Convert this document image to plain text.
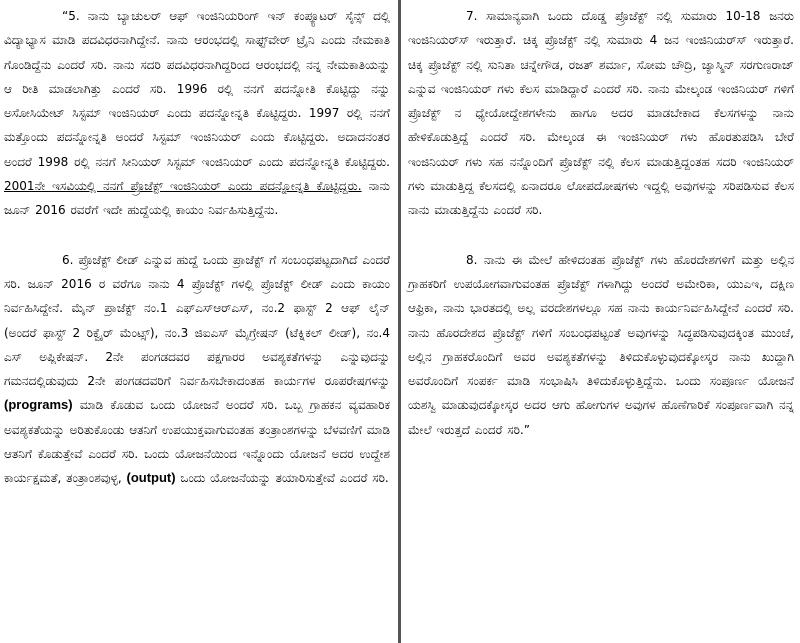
“5. ನಾನು ಬ್ಯಾಚುಲರ್ ಆಫ್ ಇಂಜಿನಿಯರಿಂಗ್ ಇನ್ ಕಂಪ್ಯೂಟರ್ ಸೈನ್ಸ್ ದಲ್ಲಿ ವಿದ್ಯಾಭ್ಯಾಸ ಮಾಡಿ ಪದವಿಧರನಾಗಿದ್ದೇನೆ. ನಾನು ಆರಂಭದಲ್ಲಿ ಸಾಫ್ಟ್‌ವೇರ್ ಟ್ರೈನಿ ಎಂದು ನೇಮಕಾತಿ ಗೊಂಡಿದ್ದೆನು ಎಂದರೆ ಸರಿ. ನಾನು ಸದರಿ ಪದವಿಧರನಾಗಿದ್ದರಿಂದ ಆರಂಭದಲ್ಲಿ ನನ್ನ ನೇಮಕಾತಿಯನ್ನು ಆ ರೀತಿ ಮಾಡಲಾಗಿತ್ತು ಎಂದರೆ ಸರಿ. 1996 ರಲ್ಲಿ ನನಗೆ ಪದನ್ನೋತಿ ಕೊಟ್ಟಿದ್ದು ನನ್ನು ಅಸೋಸಿಯೇಟ್ ಸಿಸ್ಟಮ್ ಇಂಜಿನಿಯರ್ ಎಂದು ಪದನ್ನೋನ್ನತಿ ಕೊಟ್ಟಿದ್ದರು. 1997 ರಲ್ಲಿ ನನಗೆ ಮತ್ತೊಂದು ಪದನ್ನೋನ್ನತಿ ಅಂದರೆ ಸಿಸ್ಟಮ್ ಇಂಜಿನಿಯರ್ ಎಂದು ಕೊಟ್ಟಿದ್ದರು. ಅದಾದನಂತರ ಅಂದರೆ 1998 ರಲ್ಲಿ ನನಗೆ ಸೀನಿಯರ್ ಸಿಸ್ಟಮ್ ಇಂಜಿನಿಯರ್ ಎಂದು ಪದನ್ನೋನ್ನತಿ ಕೊಟ್ಟಿದ್ದರು. 2001ನೇ ಇಸವಿಯಲ್ಲಿ ನನಗೆ ಪ್ರೊಜೆಕ್ಟ್ ಇಂಜಿನಿಯರ್ ಎಂದು ಪದನ್ನೋನ್ನತಿ ಕೊಟ್ಟಿದ್ದರು. ನಾನು ಜೂನ್ 2016 ರವರೆಗೆ ಇದೇ ಹುದ್ದೆಯಲ್ಲಿ ಕಾಯಂ ನಿರ್ವಹಿಸುತ್ತಿದ್ದೆನು.

6. ಪ್ರೊಜೆಕ್ಟ್ ಲೀಡ್ ಎನ್ನುವ ಹುದ್ದೆ ಒಂದು ಪ್ರಾಜೆಕ್ಟ್ ಗೆ ಸಂಬಂಧಪಟ್ಟದಾಗಿದೆ ಎಂದರೆ ಸರಿ. ಜೂನ್ 2016 ರ ವರೆಗೂ ನಾನು 4 ಪ್ರೊಜೆಕ್ಟ್ ಗಳಲ್ಲಿ ಪ್ರೊಜೆಕ್ಟ್ ಲೀಡ್ ಎಂದು ಕಾಯಂ ನಿರ್ವಹಿಸಿದ್ದೇನೆ. ಮೈನ್ ಪ್ರಾಜೆಕ್ಟ್ ನಂ.1 ಎಫ್‌ಎಸ್ಆರ್‌ಎಸ್, ನಂ.2 ಫಾಸ್ಟ್ 2 ಆಫ್ ಲೈನ್ (ಅಂದರೆ ಫಾಸ್ಟ್ 2 ರಿಕ್ವೈರ್ ಮೆಂಟ್ಸ್), ನಂ.3 ಜಿಐಎಸ್ ಮೈಗ್ರೇಷನ್ (ಟೆಕ್ನಿಕಲ್ ಲೀಡ್), ನಂ.4 ಎಸ್ ಅಪ್ಲಿಕೇಷನ್. 2ನೇ ಪಂಗಡದವರ ಪಕ್ಷಗಾರರ ಅವಶ್ಯಕತೆಗಳನ್ನು ಎನ್ನುವುದನ್ನು ಗಮನದಲ್ಲಿಡುವುದು 2ನೇ ಪಂಗಡದವರಿಗೆ ನಿರ್ವಹಿಸಬೇಕಾದಂತಹ ಕಾರ್ಯಗಳ ರೂಪರೇಷಗಳನ್ನು (programs) ಮಾಡಿ ಕೊಡುವ ಒಂದು ಯೋಜನೆ ಅಂದರೆ ಸರಿ. ಒಬ್ಬ ಗ್ರಾಹಕನ ವ್ಯವಹಾರಿಕ ಅವಶ್ಯಕತೆಯನ್ನು ಅರಿತುಕೊಂಡು ಆತನಿಗೆ ಉಪಯುಕ್ತವಾಗುವಂತಹ ತಂತ್ರಾಂಶಗಳನ್ನು ಬೆಳವಣಿಗೆ ಮಾಡಿ ಆತನಿಗೆ ಕೊಡುತ್ತೇವೆ ಎಂದರೆ ಸರಿ. ಒಂದು ಯೋಜನೆಯಿಂದ ಇನ್ನೊಂದು ಯೋಜನೆ ಅದರ ಉದ್ದೇಶ ಕಾರ್ಯಕ್ಷಮತೆ, ತಂತ್ರಾಂಶವುಳ್ಳ, (output) ಒಂದು ಯೋಜನೆಯನ್ನು ತಯಾರಿಸುತ್ತೇವೆ ಎಂದರೆ ಸರಿ.

7. ಸಾಮಾನ್ಯವಾಗಿ ಒಂದು ದೊಡ್ಡ ಪ್ರೊಜೆಕ್ಟ್ ನಲ್ಲಿ ಸುಮಾರು 10-18 ಜನರು ಇಂಜಿನಿಯರ್‌ಸ್ ಇರುತ್ತಾರೆ. ಚಿಕ್ಕ ಪ್ರೊಜೆಕ್ಟ್ ನಲ್ಲಿ ಸುಮಾರು 4 ಜನ ಇಂಜಿನಿಯರ್‌ಸ್ ಇರುತ್ತಾರೆ. ಚಿಕ್ಕ ಪ್ರೊಜೆಕ್ಟ್ ನಲ್ಲಿ ಸುನಿತಾ ಚನ್ನೇಗೌಡ, ರಜತ್ ಶರ್ಮಾ, ಸೋಮ ಚೌದ್ರಿ, ಜ್ಯಾಸ್ಮಿನ್ ಸರಗುಣರಾಜ್ ಎನ್ನುವ ಇಂಜಿನಿಯರ್ ಗಳು ಕೆಲಸ ಮಾಡಿದ್ದಾರೆ ಎಂದರೆ ಸರಿ. ನಾನು ಮೇಲ್ಕಂಡ ಇಂಜಿನಿಯರ್ ಗಳಿಗೆ ಪ್ರೊಜೆಕ್ಟ್ ನ ಧ್ಯೇಯೋದ್ದೇಶಗಳೇನು ಹಾಗೂ ಅದರ ಮಾಡಬೇಕಾದ ಕೆಲಸಗಳನ್ನು ನಾನು ಹೇಳಿಕೊಡುತ್ತಿದ್ದೆ ಎಂದರೆ ಸರಿ. ಮೇಲ್ಕಂಡ ಈ ಇಂಜಿನಿಯರ್ ಗಳು ಹೊರತುಪಡಿಸಿ ಬೇರೆ ಇಂಜಿನಿಯರ್ ಗಳು ಸಹ ನನ್ನೊಂದಿಗೆ ಪ್ರೊಜೆಕ್ಟ್ ನಲ್ಲಿ ಕೆಲಸ ಮಾಡುತ್ತಿದ್ದಂತಹ ಸದರಿ ಇಂಜಿನಿಯರ್ ಗಳು ಮಾಡುತ್ತಿದ್ದ ಕೆಲಸದಲ್ಲಿ ಏನಾದರೂ ಲೋಪದೋಷಗಳು ಇದ್ದಲ್ಲಿ ಅವುಗಳನ್ನು ಸರಿಪಡಿಸುವ ಕೆಲಸ ನಾನು ಮಾಡುತ್ತಿದ್ದೆನು ಎಂದರೆ ಸರಿ.

8. ನಾನು ಈ ಮೇಲೆ ಹೇಳಿದಂತಹ ಪ್ರೊಜೆಕ್ಟ್ ಗಳು ಹೊರದೇಶಗಳಿಗೆ ಮತ್ತು ಅಲ್ಲಿನ ಗ್ರಾಹಕರಿಗೆ ಉಪಯೋಗವಾಗುವಂತಹ ಪ್ರೊಜೆಕ್ಟ್ ಗಳಾಗಿದ್ದು ಅಂದರೆ ಅಮೇರಿಕಾ, ಯುಎಇ, ದಕ್ಷಿಣ ಆಫ್ರಿಕಾ, ನಾನು ಭಾರತದಲ್ಲಿ ಅಲ್ಲ ವರದೇಶಗಳಲ್ಲೂ ಸಹ ನಾನು ಕಾರ್ಯನಿರ್ವಹಿಸಿದ್ದೇನೆ ಎಂದರೆ ಸರಿ. ನಾನು ಹೊರದೇಶದ ಪ್ರೊಜೆಕ್ಟ್ ಗಳಿಗೆ ಸಂಬಂಧಪಟ್ಟಂತೆ ಅವುಗಳನ್ನು ಸಿದ್ಧಪಡಿಸುವುದಕ್ಕಿಂತ ಮುಂಚೆ, ಅಲ್ಲಿನ ಗ್ರಾಹಕರೊಂದಿಗೆ ಅವರ ಅವಶ್ಯಕತೆಗಳನ್ನು ತಿಳಿದುಕೊಳ್ಳುವುದಕ್ಕೋಸ್ಕರ ನಾನು ಖುದ್ದಾಗಿ ಅವರೊಂದಿಗೆ ಸಂಪರ್ಕ ಮಾಡಿ ಸಂಭಾಷಿಸಿ ತಿಳಿದುಕೊಳ್ಳುತ್ತಿದ್ದೆನು. ಒಂದು ಸಂಪೂರ್ಣ ಯೋಜನೆ ಯಶಸ್ವಿ ಮಾಡುವುದಕ್ಕೋಸ್ಕರ ಅದರ ಆಗು ಹೋಗುಗಳ ಅವುಗಳ ಹೊಣೆಗಾರಿಕೆ ಸಂಪೂರ್ಣವಾಗಿ ನನ್ನ ಮೇಲೆ ಇರುತ್ತದೆ ಎಂದರೆ ಸರಿ.”
